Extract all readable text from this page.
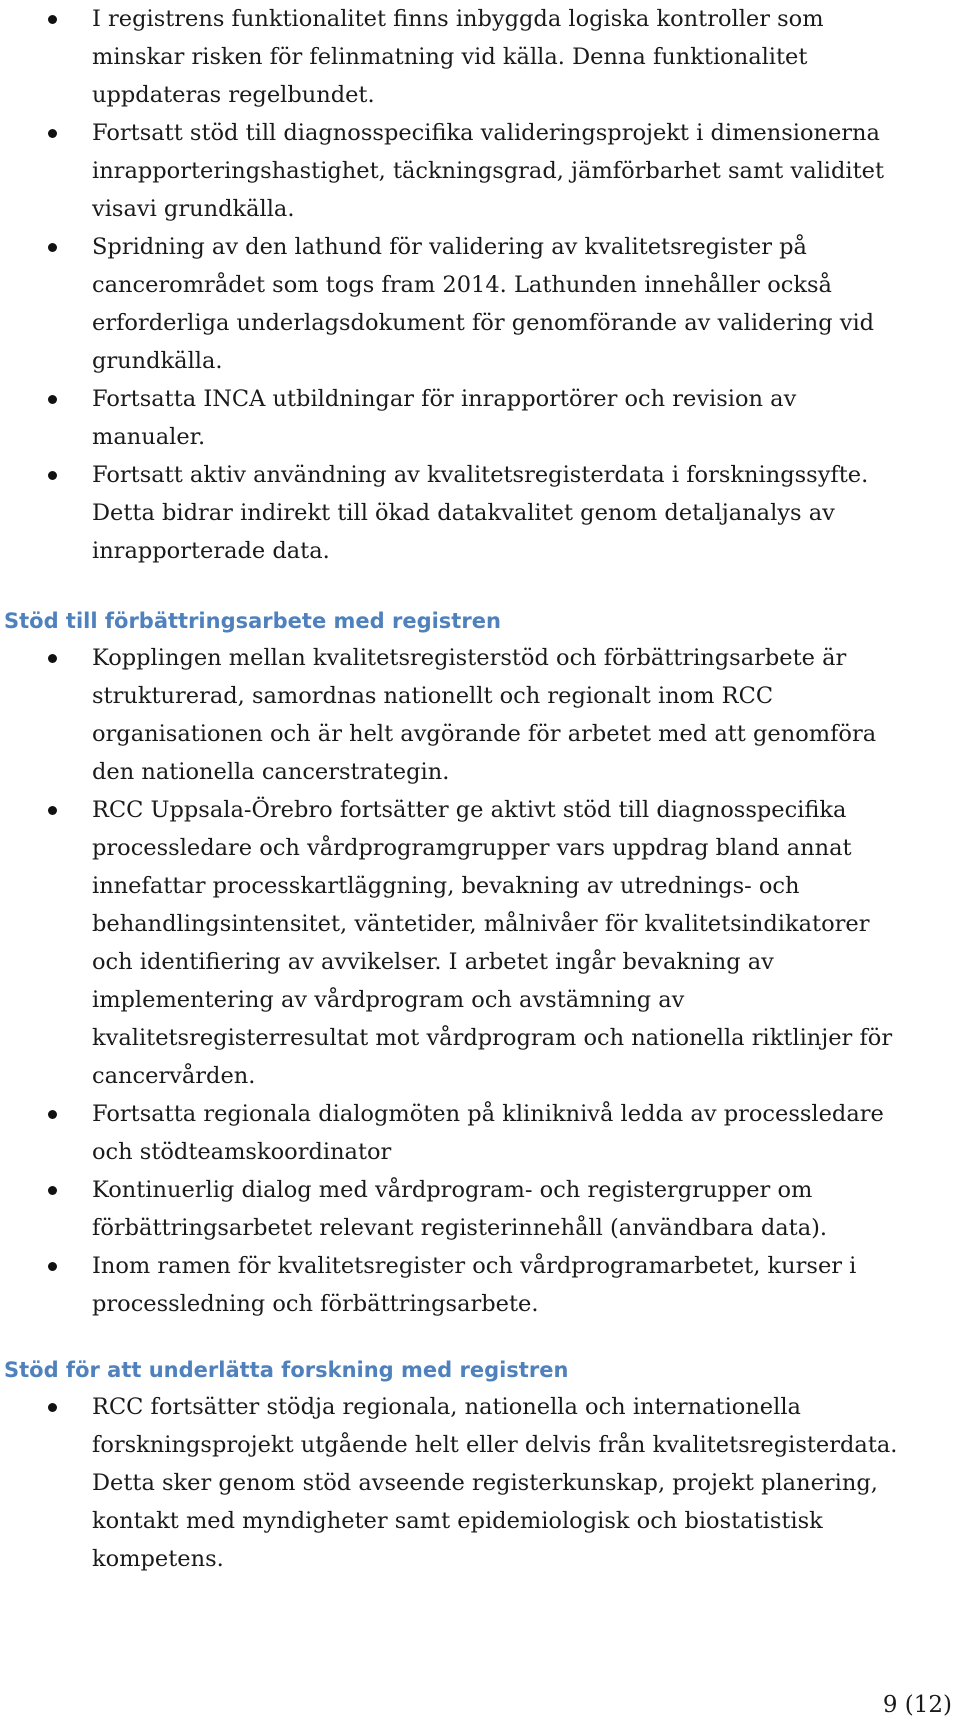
I registrens funktionalitet finns inbyggda logiska kontroller som minskar risken för felinmatning vid källa. Denna funktionalitet uppdateras regelbundet.
Fortsatt stöd till diagnosspecifika valideringsprojekt i dimensionerna inrapporteringshastighet, täckningsgrad, jämförbarhet samt validitet visavi grundkälla.
Spridning av den lathund för validering av kvalitetsregister på cancerområdet som togs fram 2014. Lathunden innehåller också erforderliga underlagsdokument för genomförande av validering vid grundkälla.
Fortsatta INCA utbildningar för inrapportörer och revision av manualer.
Fortsatt aktiv användning av kvalitetsregisterdata i forskningssyfte. Detta bidrar indirekt till ökad datakvalitet genom detaljanalys av inrapporterade data.
Stöd till förbättringsarbete med registren
Kopplingen mellan kvalitetsregisterstöd och förbättringsarbete är strukturerad, samordnas nationellt och regionalt inom RCC organisationen och är helt avgörande för arbetet med att genomföra den nationella cancerstrategin.
RCC Uppsala-Örebro fortsätter ge aktivt stöd till diagnosspecifika processledare och vårdprogramgrupper vars uppdrag bland annat innefattar processkartläggning, bevakning av utrednings- och behandlingsintensitet, väntetider, målnivåer för kvalitetsindikatorer och identifiering av avvikelser. I arbetet ingår bevakning av implementering av vårdprogram och avstämning av kvalitetsregisterresultat mot vårdprogram och nationella riktlinjer för cancervården.
Fortsatta regionala dialogmöten på kliniknivå ledda av processledare och stödteamskoordinator
Kontinuerlig dialog med vårdprogram- och registergrupper om förbättringsarbetet relevant registerinnehåll (användbara data).
Inom ramen för kvalitetsregister och vårdprogramarbetet, kurser i processledning och förbättringsarbete.
Stöd för att underlätta forskning med registren
RCC fortsätter stödja regionala, nationella och internationella forskningsprojekt utgående helt eller delvis från kvalitetsregisterdata. Detta sker genom stöd avseende registerkunskap, projekt planering, kontakt med myndigheter samt epidemiologisk och biostatistisk kompetens.
9 (12)
